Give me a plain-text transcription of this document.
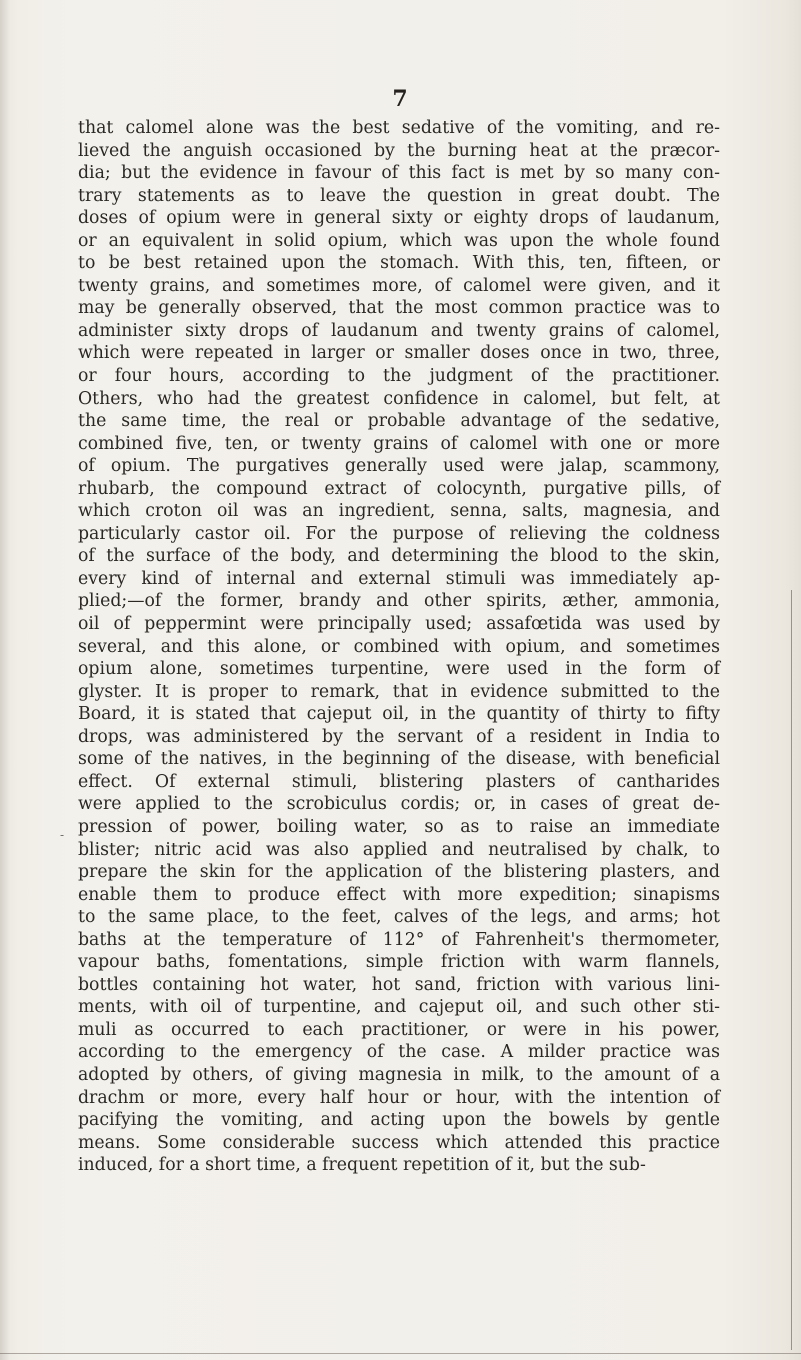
7
-
that calomel alone was the best sedative of the vomiting, and re-
lieved the anguish occasioned by the burning heat at the præcor-
dia; but the evidence in favour of this fact is met by so many con-
trary statements as to leave the question in great doubt. The
doses of opium were in general sixty or eighty drops of laudanum,
or an equivalent in solid opium, which was upon the whole found
to be best retained upon the stomach. With this, ten, fifteen, or
twenty grains, and sometimes more, of calomel were given, and it
may be generally observed, that the most common practice was to
administer sixty drops of laudanum and twenty grains of calomel,
which were repeated in larger or smaller doses once in two, three,
or four hours, according to the judgment of the practitioner.
Others, who had the greatest confidence in calomel, but felt, at
the same time, the real or probable advantage of the sedative,
combined five, ten, or twenty grains of calomel with one or more
of opium. The purgatives generally used were jalap, scammony,
rhubarb, the compound extract of colocynth, purgative pills, of
which croton oil was an ingredient, senna, salts, magnesia, and
particularly castor oil. For the purpose of relieving the coldness
of the surface of the body, and determining the blood to the skin,
every kind of internal and external stimuli was immediately ap-
plied;—of the former, brandy and other spirits, æther, ammonia,
oil of peppermint were principally used; assafœtida was used by
several, and this alone, or combined with opium, and sometimes
opium alone, sometimes turpentine, were used in the form of
glyster. It is proper to remark, that in evidence submitted to the
Board, it is stated that cajeput oil, in the quantity of thirty to fifty
drops, was administered by the servant of a resident in India to
some of the natives, in the beginning of the disease, with beneficial
effect. Of external stimuli, blistering plasters of cantharides
were applied to the scrobiculus cordis; or, in cases of great de-
pression of power, boiling water, so as to raise an immediate
blister; nitric acid was also applied and neutralised by chalk, to
prepare the skin for the application of the blistering plasters, and
enable them to produce effect with more expedition; sinapisms
to the same place, to the feet, calves of the legs, and arms; hot
baths at the temperature of 112° of Fahrenheit's thermometer,
vapour baths, fomentations, simple friction with warm flannels,
bottles containing hot water, hot sand, friction with various lini-
ments, with oil of turpentine, and cajeput oil, and such other sti-
muli as occurred to each practitioner, or were in his power,
according to the emergency of the case. A milder practice was
adopted by others, of giving magnesia in milk, to the amount of a
drachm or more, every half hour or hour, with the intention of
pacifying the vomiting, and acting upon the bowels by gentle
means. Some considerable success which attended this practice
induced, for a short time, a frequent repetition of it, but the sub-
